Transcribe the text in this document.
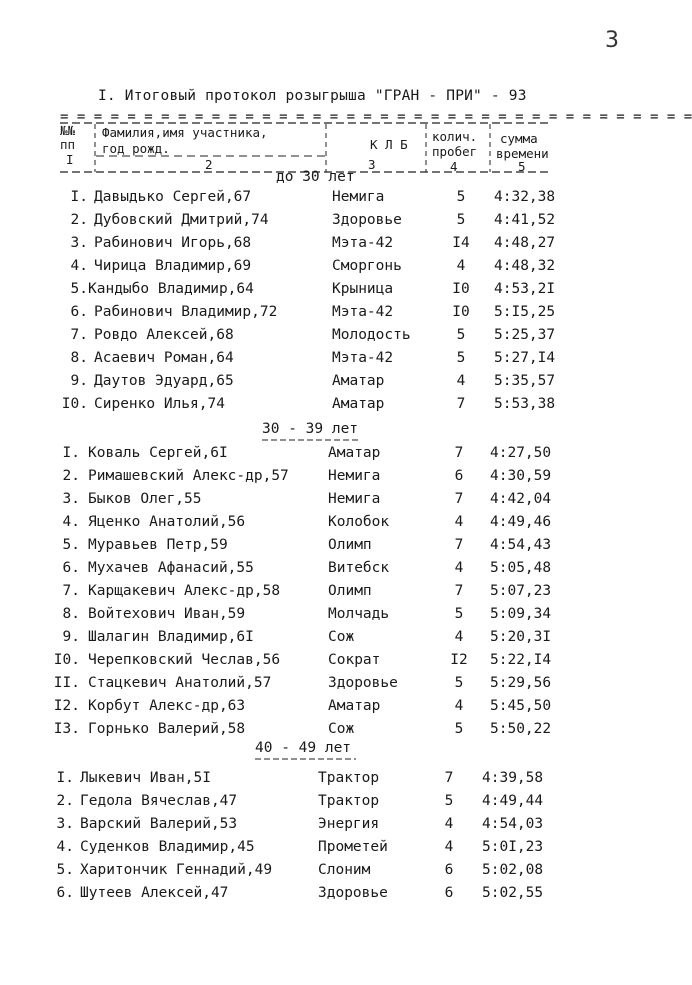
3
I. Итоговый протокол розыгрыша "ГРАН - ПРИ" - 93
= = = = = = = = = = = = = = = = = = = = = = = = = = = = = = = = = = = = = =
№№
пп
I
Фамилия,имя участника,
год рожд.
2
К Л Б
3
колич.
пробег
4
сумма
времени
5
до 30 лет
I. Давыдько Сергей,67	Немига	5	4:32,38
2. Дубовский Дмитрий,74	Здоровье	5	4:41,52
3. Рабинович Игорь,68	Мэта-42	I4	4:48,27
4. Чирица Владимир,69	Сморгонь	4	4:48,32
5. Кандыбо Владимир,64	Крыница	I0	4:53,2I
6. Рабинович Владимир,72	Мэта-42	I0	5:I5,25
7. Ровдо Алексей,68	Молодость	5	5:25,37
8. Асаевич Роман,64	Мэта-42	5	5:27,I4
9. Даутов Эдуард,65	Аматар	4	5:35,57
I0. Сиренко Илья,74	Аматар	7	5:53,38
30 - 39 лет
I. Коваль Сергей,6I	Аматар	7	4:27,50
2. Римашевский Алекс-др,57	Немига	6	4:30,59
3. Быков Олег,55	Немига	7	4:42,04
4. Яценко Анатолий,56	Колобок	4	4:49,46
5. Муравьев Петр,59	Олимп	7	4:54,43
6. Мухачев Афанасий,55	Витебск	4	5:05,48
7. Карщакевич Алекс-др,58	Олимп	7	5:07,23
8. Войтехович Иван,59	Молчадь	5	5:09,34
9. Шалагин Владимир,6I	Сож	4	5:20,3I
I0. Черепковский Чеслав,56	Сократ	I2	5:22,I4
II. Стацкевич Анатолий,57	Здоровье	5	5:29,56
I2. Корбут Алекс-др,63	Аматар	4	5:45,50
I3. Горнько Валерий,58	Сож	5	5:50,22
40 - 49 лет
I. Лыкевич Иван,5I	Трактор	7	4:39,58
2. Гедола Вячеслав,47	Трактор	5	4:49,44
3. Варский Валерий,53	Энергия	4	4:54,03
4. Суденков Владимир,45	Прометей	4	5:0I,23
5. Харитончик Геннадий,49	Слоним	6	5:02,08
6. Шутеев Алексей,47	Здоровье	6	5:02,55
